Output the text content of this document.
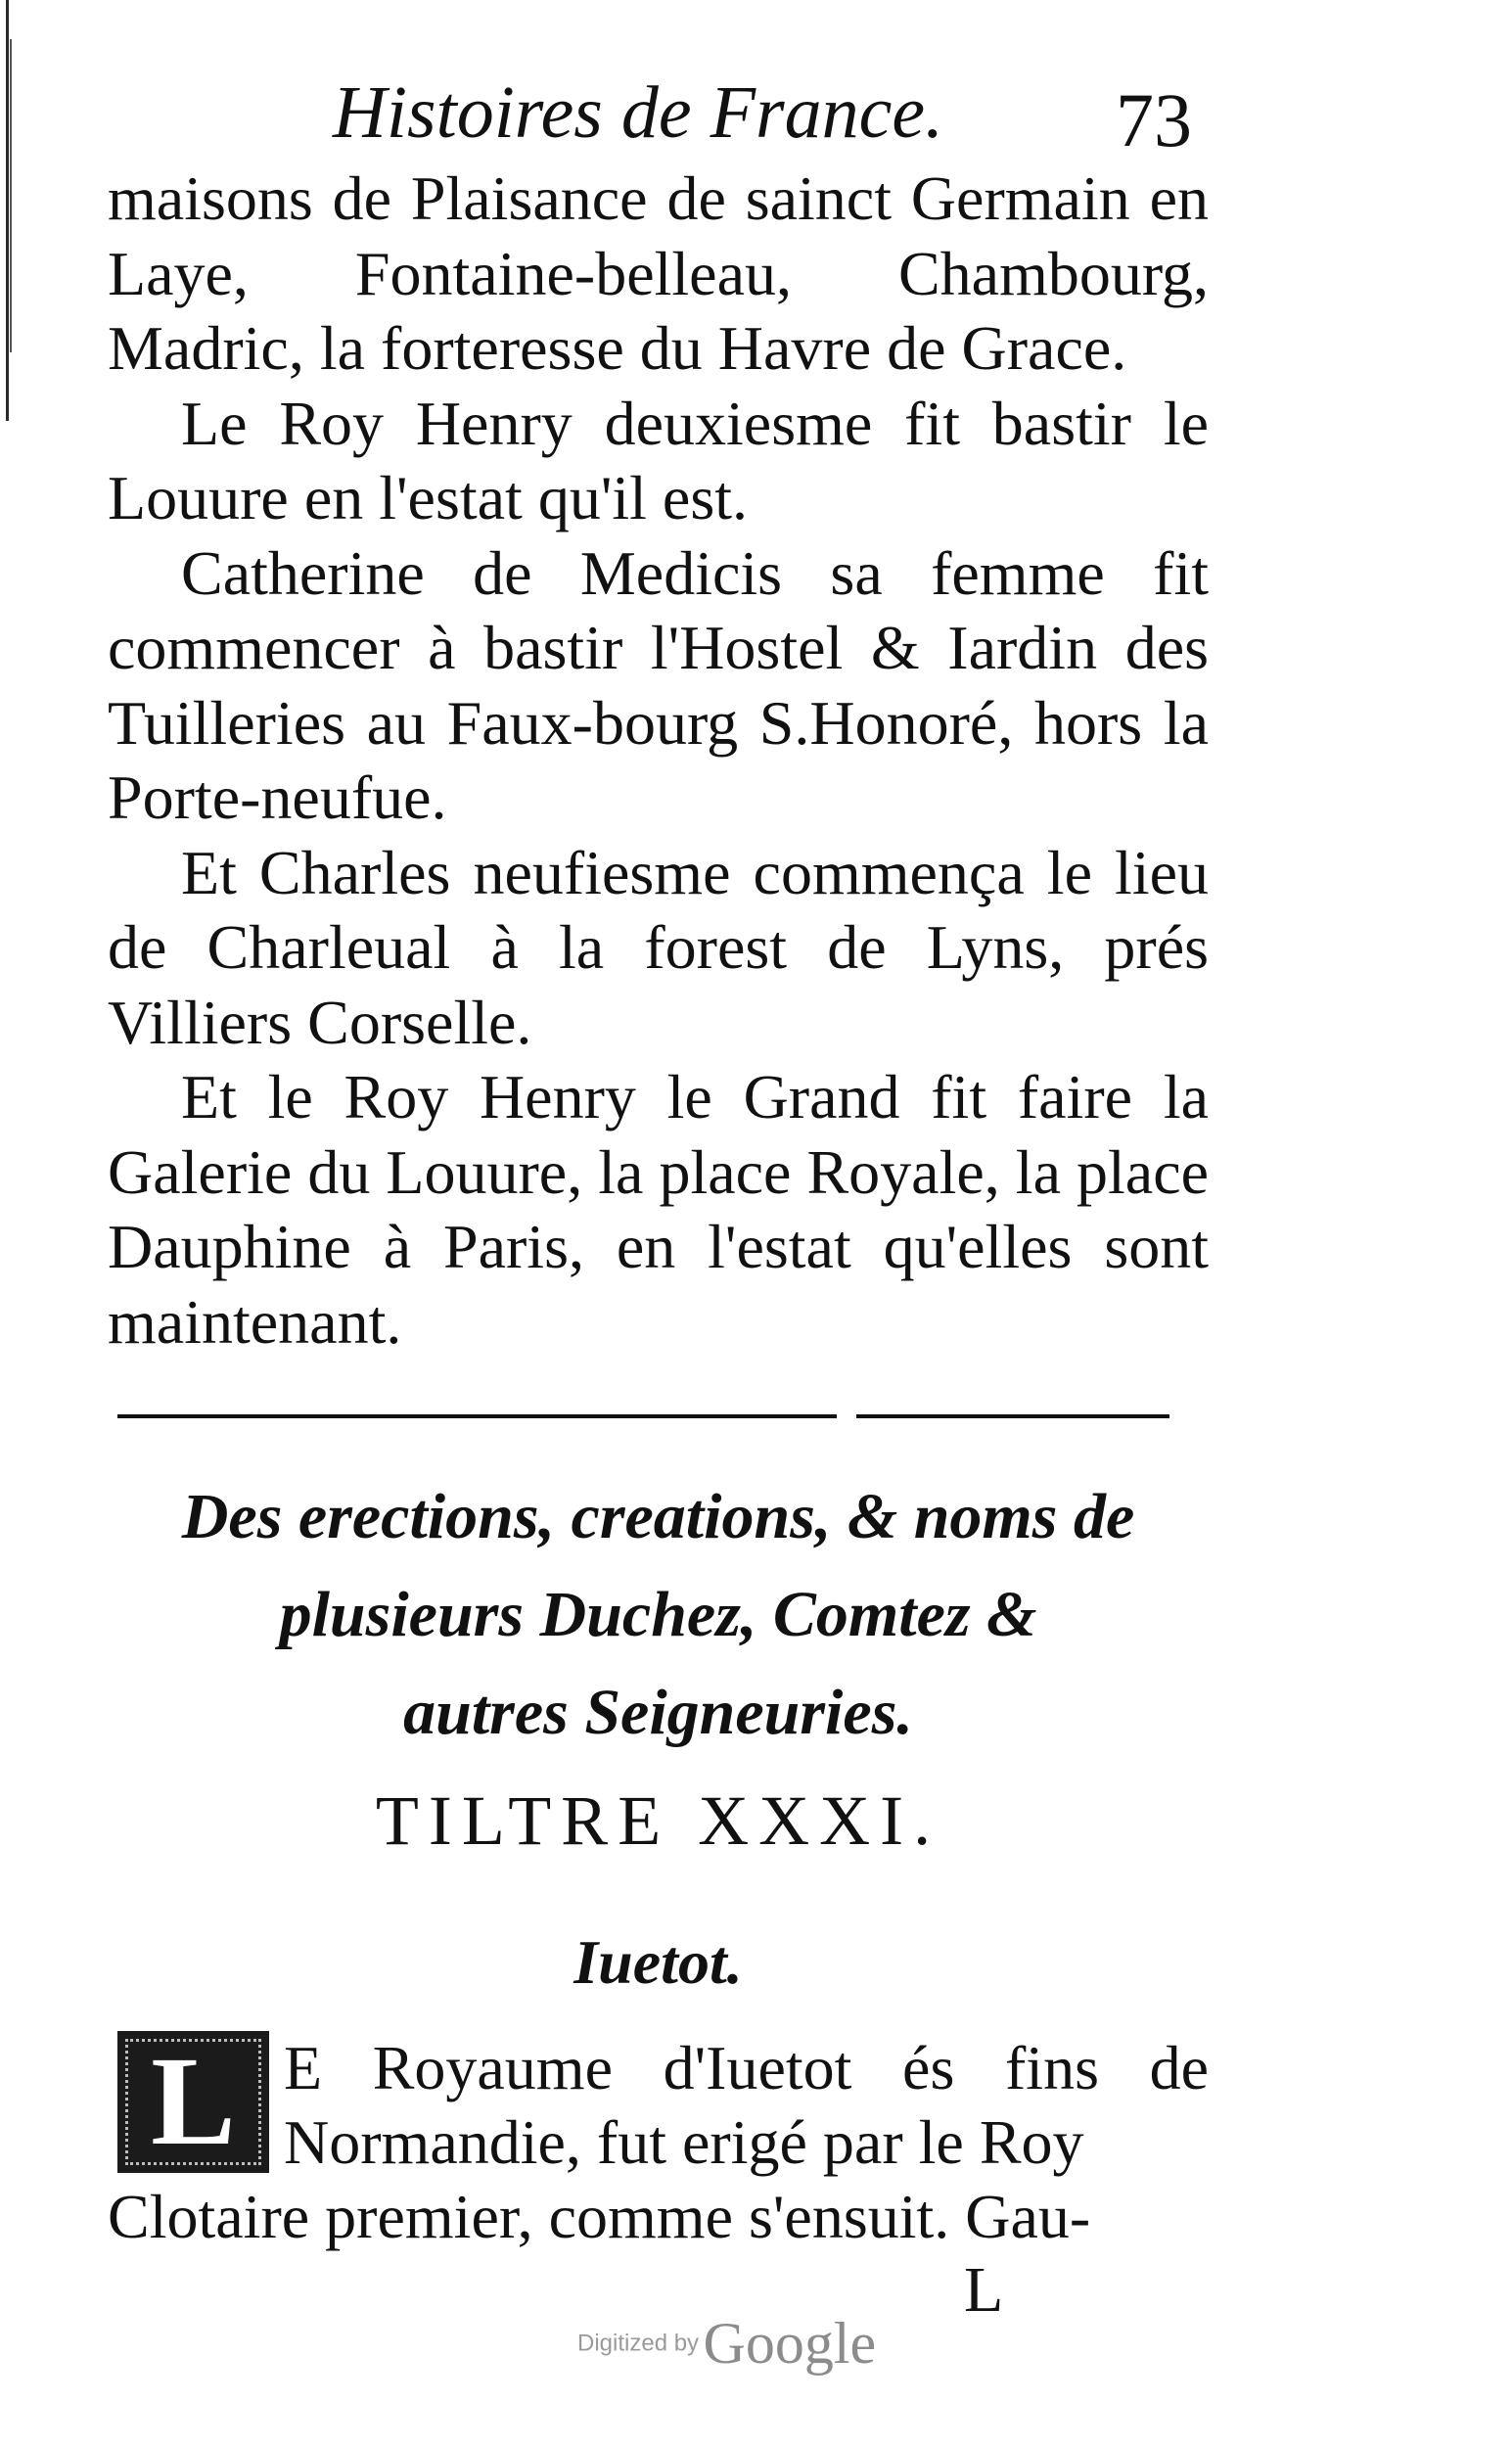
Histoires de France. 73

maisons de Plaisance de sainct Germain en Laye, Fontaine-belleau, Chambourg, Madric, la forteresse du Havre de Grace.

Le Roy Henry deuxiesme fit bastir le Louure en l'estat qu'il est.

Catherine de Medicis sa femme fit commencer à bastir l'Hostel & Iardin des Tuilleries au Faux-bourg S.Honoré, hors la Porte-neufue.

Et Charles neufiesme commença le lieu de Charleual à la forest de Lyns, prés Villiers Corselle.

Et le Roy Henry le Grand fit faire la Galerie du Louure, la place Royale, la place Dauphine à Paris, en l'estat qu'elles sont maintenant.

Des erections, creations, & noms de
plusieurs Duchez, Comtez &
autres Seigneuries.
TILTRE XXXI.
Iuetot.
L E Royaume d'Iuetot és fins de Normandie, fut erigé par le Roy
Clotaire premier, comme s'ensuit. Gau-
L
Digitized by Google
